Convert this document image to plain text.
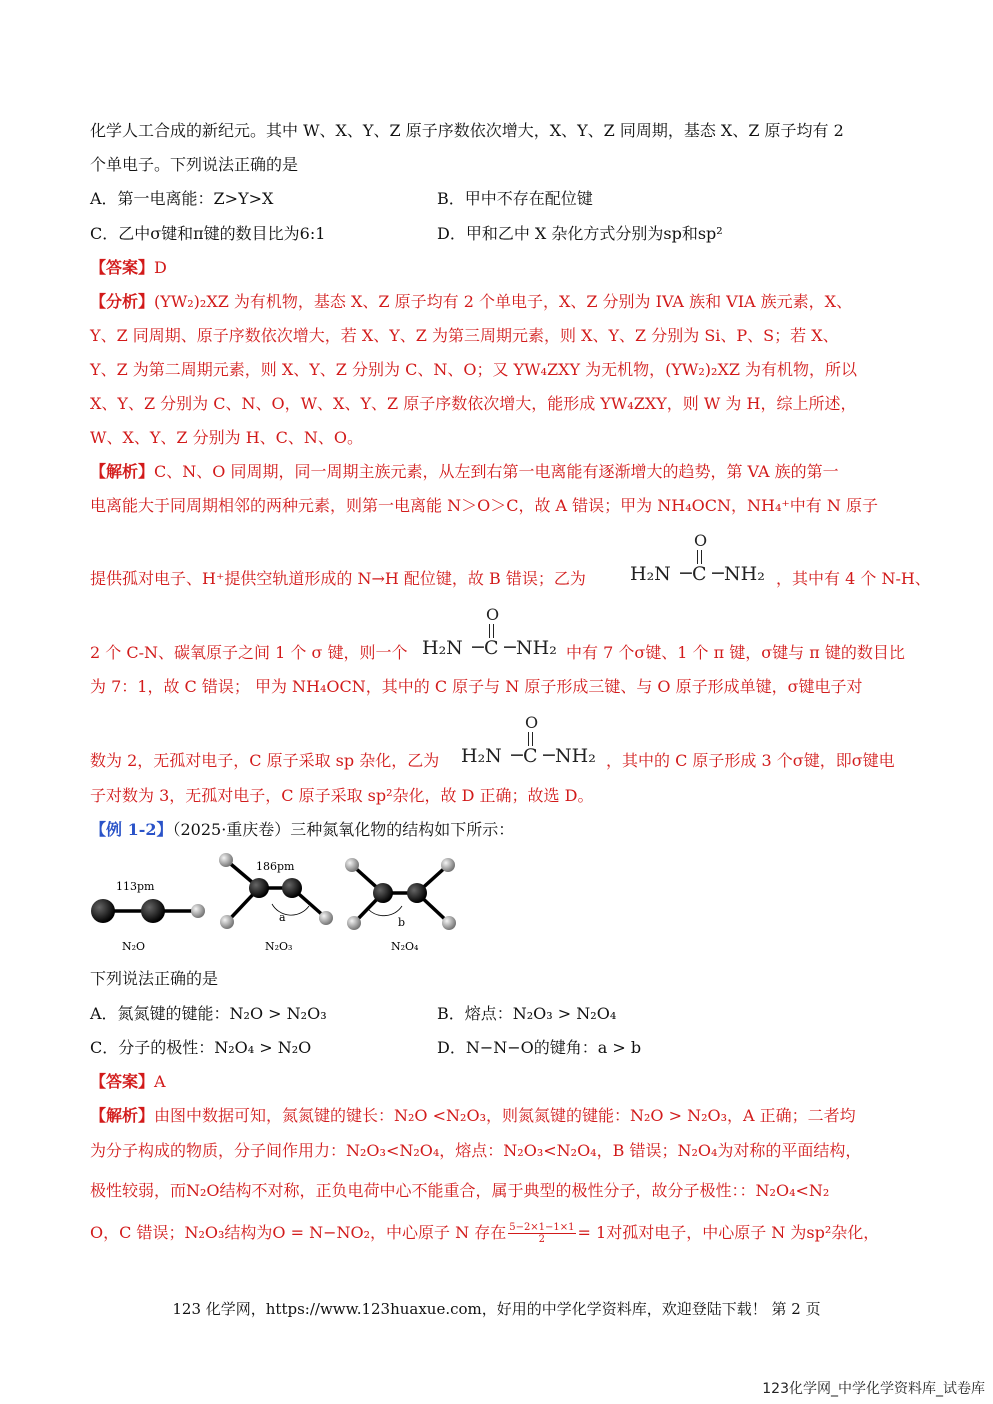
化学人工合成的新纪元。其中 W、X、Y、Z 原子序数依次增大，X、Y、Z 同周期，基态 X、Z 原子均有 2
个单电子。下列说法正确的是
A．第一电离能：Z>Y>X	B．甲中不存在配位键
C．乙中σ键和π键的数目比为6:1	D．甲和乙中 X 杂化方式分别为sp和sp²
【答案】D
【分析】(YW₂)₂XZ 为有机物，基态 X、Z 原子均有 2 个单电子，X、Z 分别为 IVA 族和 VIA 族元素，X、
Y、Z 同周期、原子序数依次增大，若 X、Y、Z 为第三周期元素，则 X、Y、Z 分别为 Si、P、S；若 X、
Y、Z 为第二周期元素，则 X、Y、Z 分别为 C、N、O；又 YW₄ZXY 为无机物，(YW₂)₂XZ 为有机物，所以
X、Y、Z 分别为 C、N、O，W、X、Y、Z 原子序数依次增大，能形成 YW₄ZXY，则 W 为 H，综上所述，
W、X、Y、Z 分别为 H、C、N、O。
【解析】C、N、O 同周期，同一周期主族元素，从左到右第一电离能有逐渐增大的趋势，第 VA 族的第一
电离能大于同周期相邻的两种元素，则第一电离能 N＞O＞C，故 A 错误；甲为 NH₄OCN，NH₄⁺中有 N 原子
提供孤对电子、H⁺提供空轨道形成的 N→H 配位键，故 B 错误；乙为
O
H₂N −
C −
NH₂ ，其中有 4 个 N-H、
2 个 C-N、碳氧原子之间 1 个 σ 键，则一个
O
H₂N −
C −
NH₂ 中有 7 个σ键、1 个 π 键，σ键与 π 键的数目比
为 7：1，故 C 错误； 甲为 NH₄OCN，其中的 C 原子与 N 原子形成三键、与 O 原子形成单键，σ键电子对
数为 2，无孤对电子，C 原子采取 sp 杂化，乙为
O
H₂N −
C −
NH₂ ，其中的 C 原子形成 3 个σ键，即σ键电
子对数为 3，无孤对电子，C 原子采取 sp²杂化，故 D 正确；故选 D。
【例 1-2】（2025·重庆卷）三种氮氧化物的结构如下所示：
113pm
N₂O
186pm
a
N₂O₃
b
N₂O₄
下列说法正确的是
A．氮氮键的键能：N₂O > N₂O₃	B．熔点：N₂O₃ > N₂O₄
C．分子的极性：N₂O₄ > N₂O	D．N−N−O的键角：a > b
【答案】A
【解析】由图中数据可知，氮氮键的键长：N₂O <N₂O₃，则氮氮键的键能：N₂O > N₂O₃，A 正确；二者均
为分子构成的物质，分子间作用力：N₂O₃<N₂O₄，熔点：N₂O₃<N₂O₄，B 错误；N₂O₄为对称的平面结构，
极性较弱，而N₂O结构不对称，正负电荷中心不能重合，属于典型的极性分子，故分子极性：：N₂O₄<N₂
O，C 错误；N₂O₃结构为O = N−NO₂，中心原子 N 存在 $\frac{5-2\times 1-1\times 1}{2} = 1$对孤对电子，中心原子 N 为sp²杂化，
123 化学网，https://www.123huaxue.com，好用的中学化学资料库，欢迎登陆下载！ 第 2 页
123化学网_中学化学资料库_试卷库
